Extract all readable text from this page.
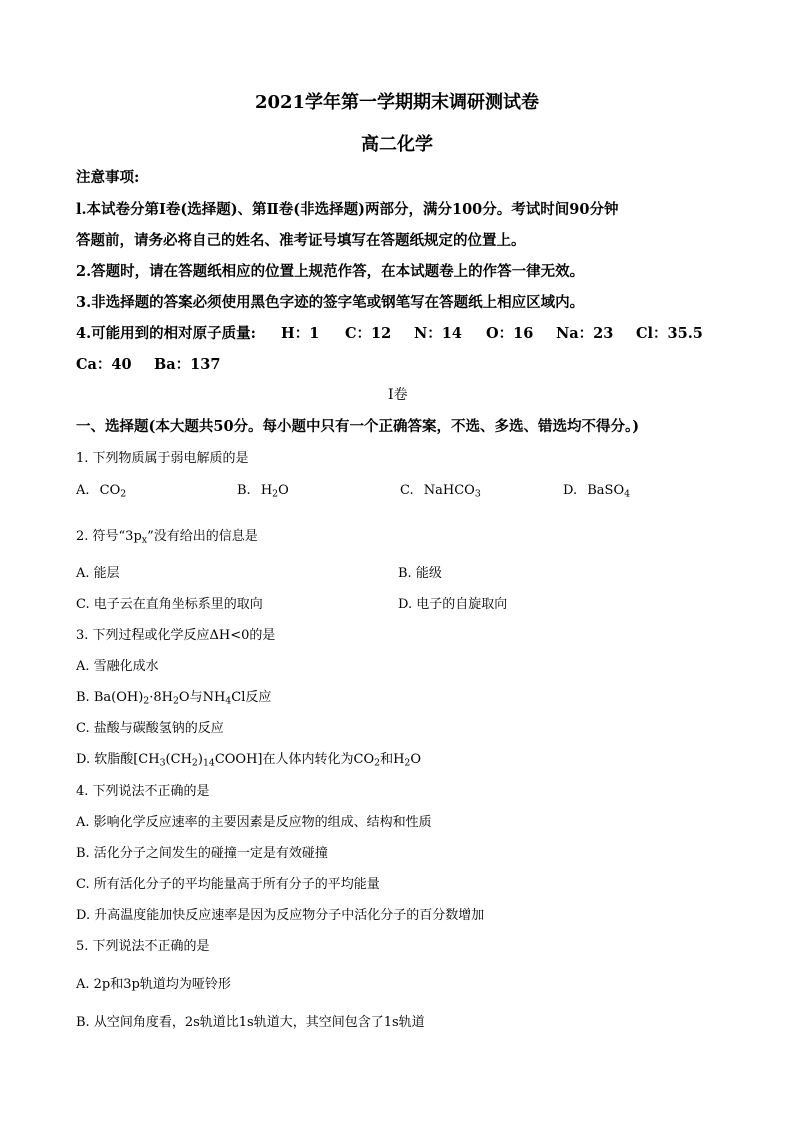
2021学年第一学期期末调研测试卷
高二化学
注意事项:
l.本试卷分第Ⅰ卷(选择题)、第Ⅱ卷(非选择题)两部分，满分100分。考试时间90分钟
答题前，请务必将自己的姓名、准考证号填写在答题纸规定的位置上。
2.答题时，请在答题纸相应的位置上规范作答，在本试题卷上的作答一律无效。
3.非选择题的答案必须使用黑色字迹的签字笔或钢笔写在答题纸上相应区域内。
4.可能用到的相对原子质量: H：1 C：12 N：14 O：16 Na：23 Cl：35.5
Ca：40 Ba：137
Ⅰ卷
一、选择题(本大题共50分。每小题中只有一个正确答案，不选、多选、错选均不得分。)
1. 下列物质属于弱电解质的是
A. $CO_2$	B. $H_2O$	C. NaHCO$_3$	D. BaSO$_4$
2. 符号“$3p_x$”没有给出的信息是
A. 能层	B. 能级
C. 电子云在直角坐标系里的取向	D. 电子的自旋取向
3. 下列过程或化学反应ΔH<0的是
A. 雪融化成水
B. $Ba(OH)_2\cdot 8H_2O$与$NH_4Cl$反应
C. 盐酸与碳酸氢钠的反应
D. 软脂酸$[CH_3(CH_2)_{14}COOH]$在人体内转化为$CO_2$和$H_2O$
4. 下列说法不正确的是
A. 影响化学反应速率的主要因素是反应物的组成、结构和性质
B. 活化分子之间发生的碰撞一定是有效碰撞
C. 所有活化分子的平均能量高于所有分子的平均能量
D. 升高温度能加快反应速率是因为反应物分子中活化分子的百分数增加
5. 下列说法不正确的是
A. 2p和3p轨道均为哑铃形
B. 从空间角度看，2s轨道比1s轨道大，其空间包含了1s轨道
